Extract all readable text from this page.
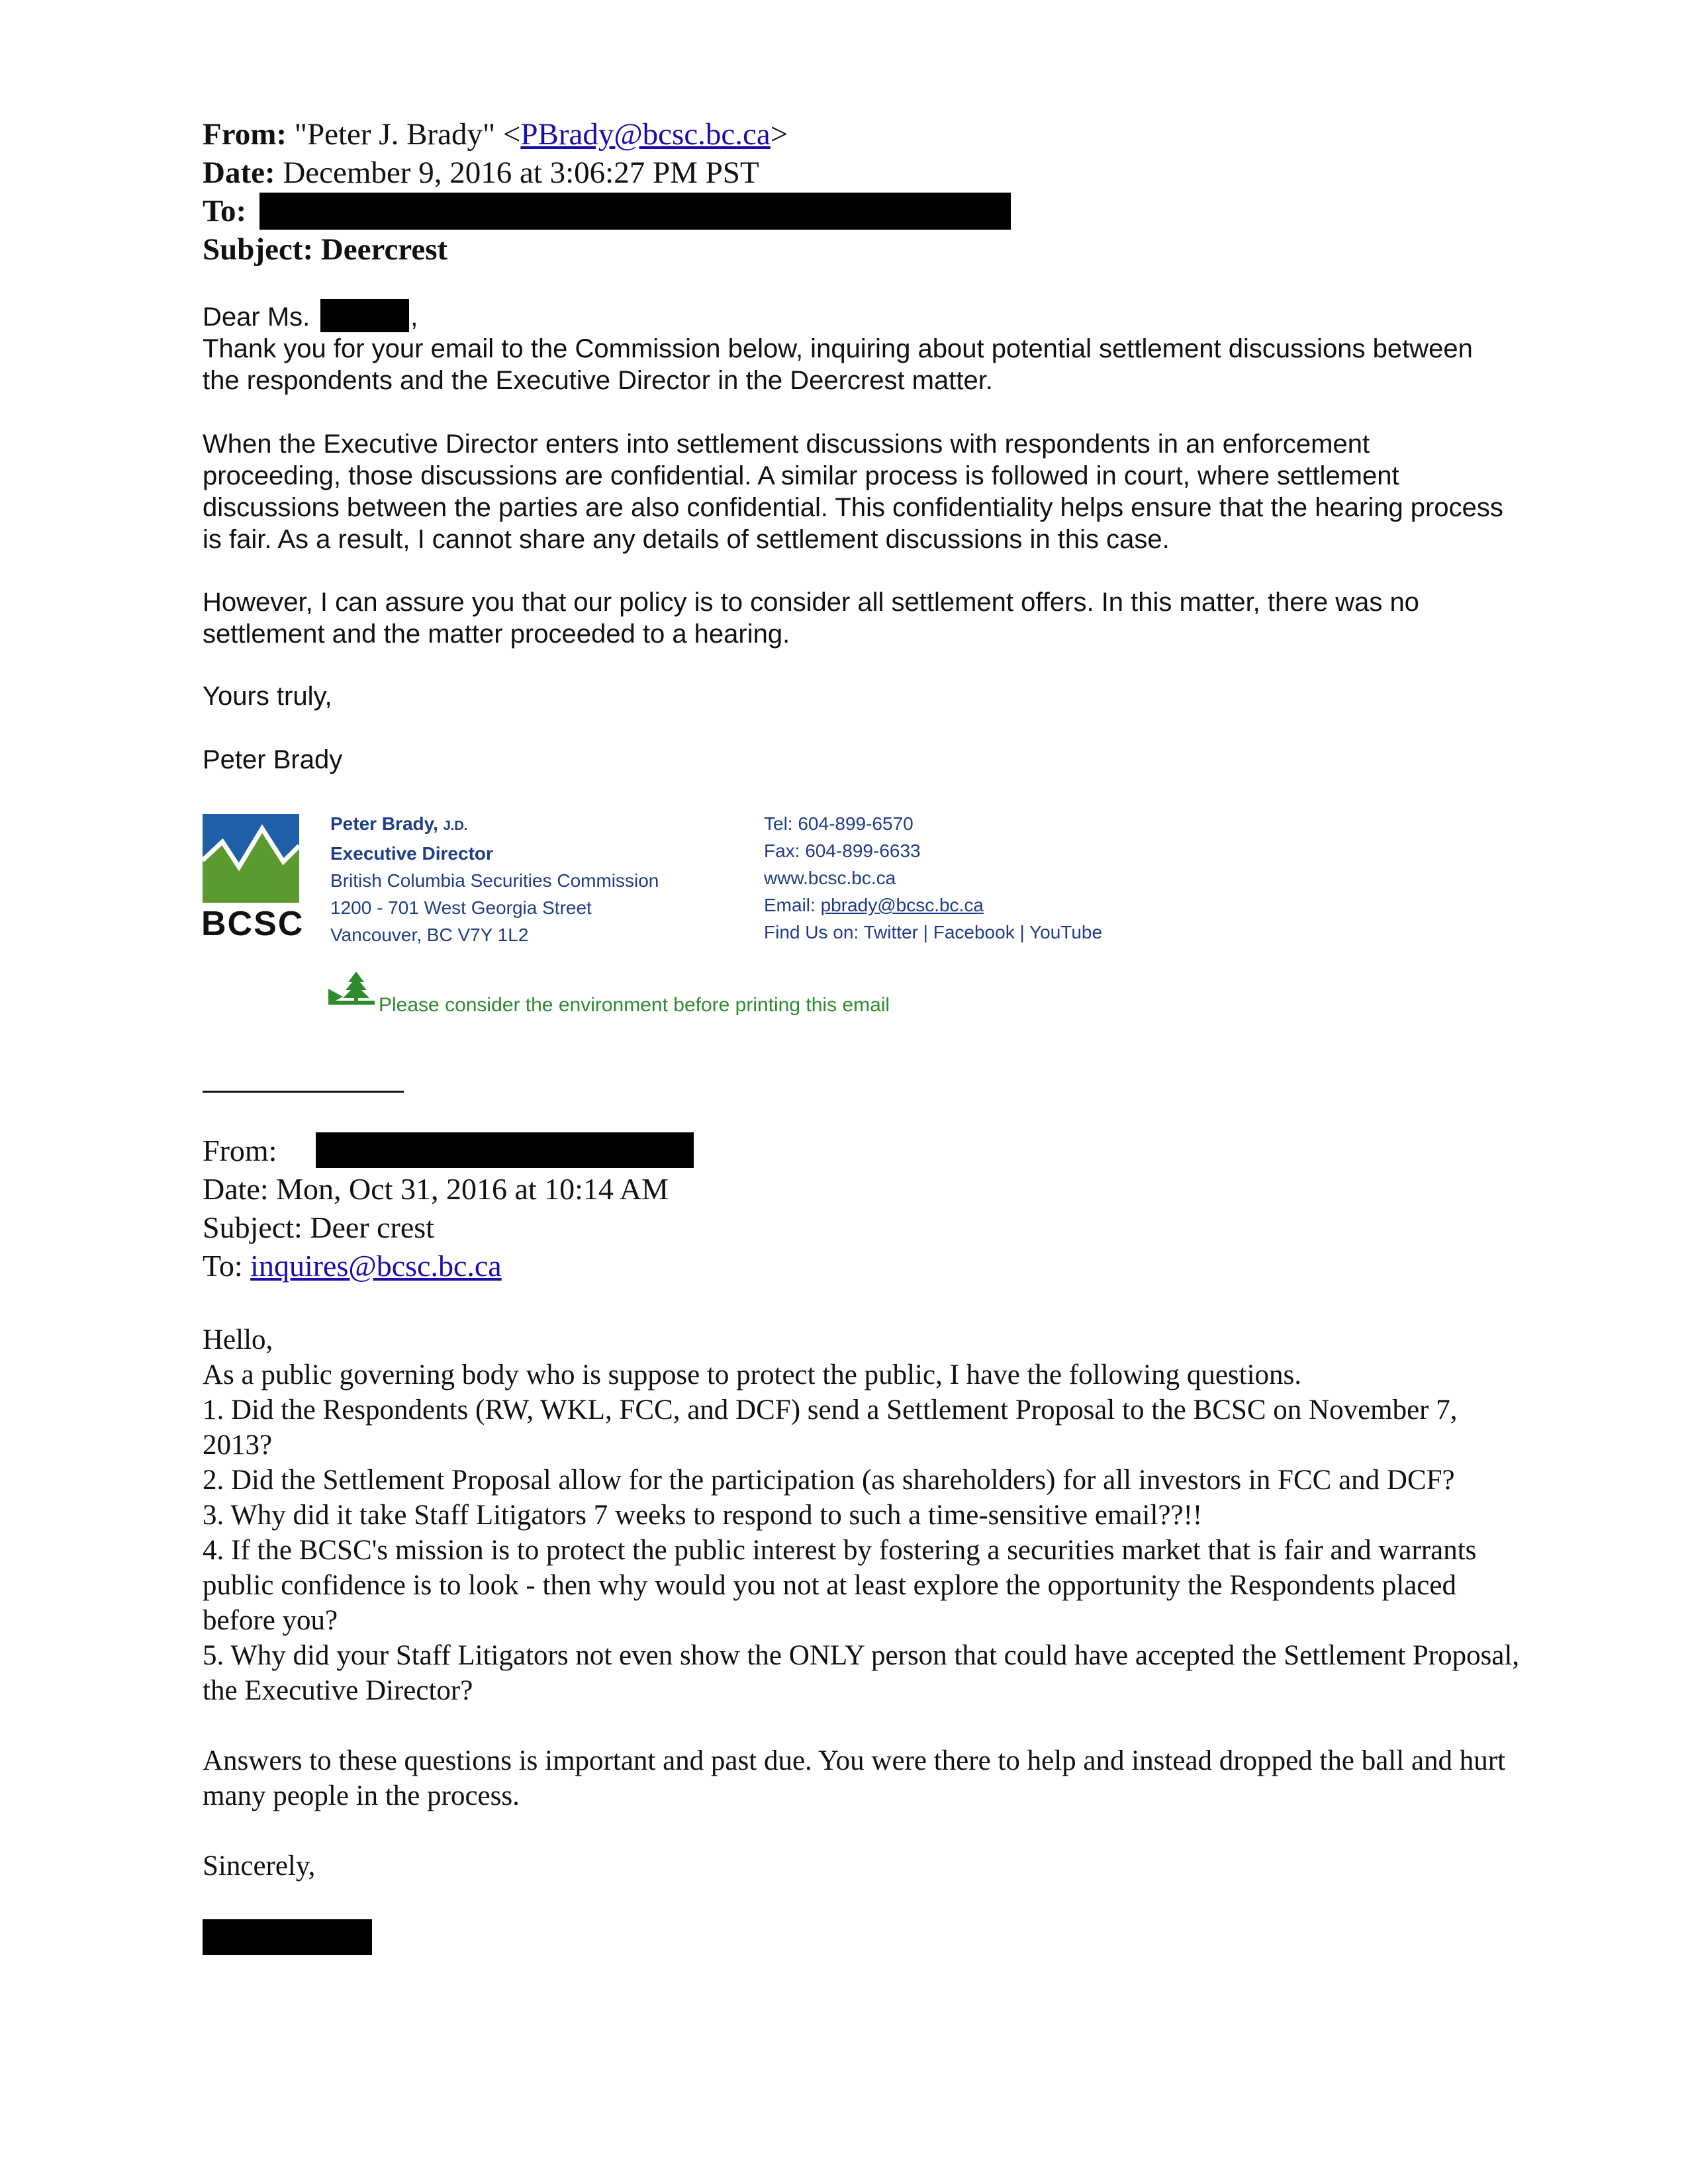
From: "Peter J. Brady" <PBrady@bcsc.bc.ca>
Date: December 9, 2016 at 3:06:27 PM PST
To:
Subject: Deercrest
Dear Ms.	,

Thank you for your email to the Commission below, inquiring about potential settlement discussions between the respondents and the Executive Director in the Deercrest matter.

When the Executive Director enters into settlement discussions with respondents in an enforcement proceeding, those discussions are confidential. A similar process is followed in court, where settlement discussions between the parties are also confidential. This confidentiality helps ensure that the hearing process is fair. As a result, I cannot share any details of settlement discussions in this case.

However, I can assure you that our policy is to consider all settlement offers. In this matter, there was no settlement and the matter proceeded to a hearing.

Yours truly,
Peter Brady
BCSC
Peter Brady, J.D.
Executive Director
British Columbia Securities Commission
1200 - 701 West Georgia Street
Vancouver, BC V7Y 1L2
Tel: 604-899-6570
Fax: 604-899-6633
www.bcsc.bc.ca
Email: pbrady@bcsc.bc.ca
Find Us on: Twitter | Facebook | YouTube
Please consider the environment before printing this email
From:
Date: Mon, Oct 31, 2016 at 10:14 AM
Subject: Deer crest
To: inquires@bcsc.bc.ca

Hello,

As a public governing body who is suppose to protect the public, I have the following questions.

1. Did the Respondents (RW, WKL, FCC, and DCF) send a Settlement Proposal to the BCSC on November 7, 2013?

2. Did the Settlement Proposal allow for the participation (as shareholders) for all investors in FCC and DCF?

3. Why did it take Staff Litigators 7 weeks to respond to such a time-sensitive email??!!

4. If the BCSC's mission is to protect the public interest by fostering a securities market that is fair and warrants public confidence is to look - then why would you not at least explore the opportunity the Respondents placed before you?

5. Why did your Staff Litigators not even show the ONLY person that could have accepted the Settlement Proposal, the Executive Director?

Answers to these questions is important and past due. You were there to help and instead dropped the ball and hurt many people in the process.

Sincerely,
